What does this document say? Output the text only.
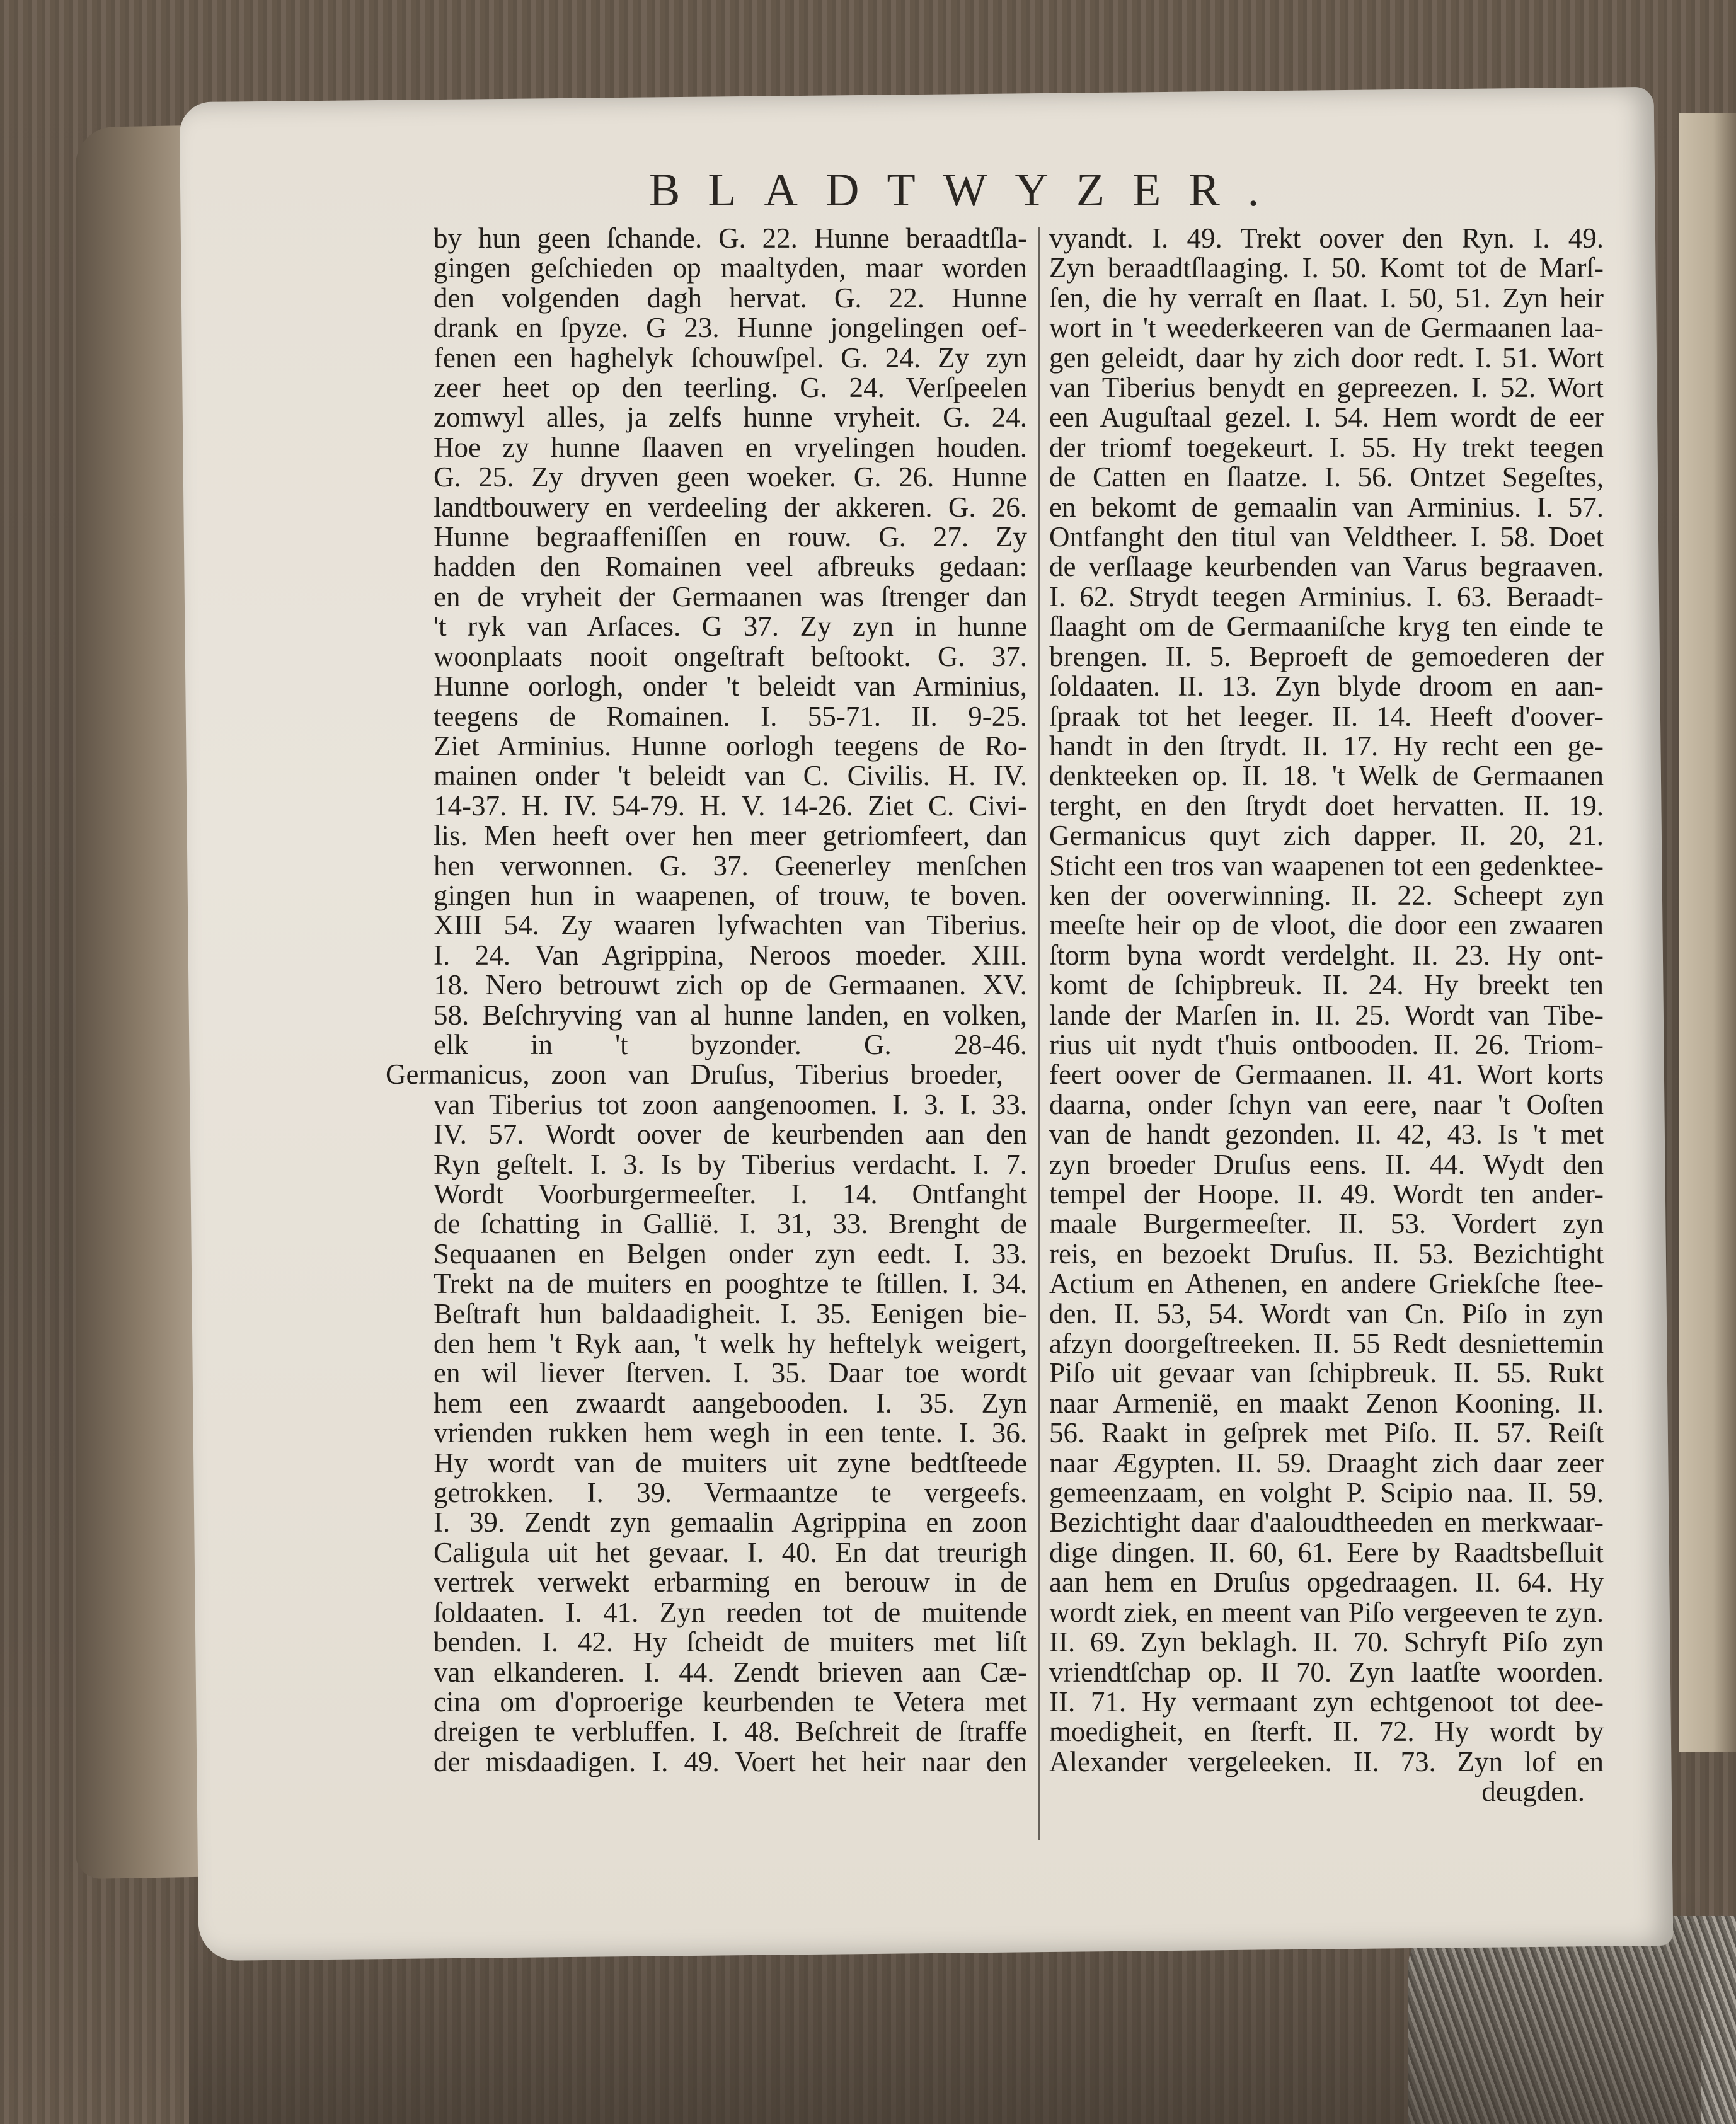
BLADTWYZER.
by hun geen ſchande. G. 22. Hunne beraadtſla-
gingen geſchieden op maaltyden, maar worden
den volgenden dagh hervat. G. 22. Hunne
drank en ſpyze. G 23. Hunne jongelingen oef-
fenen een haghelyk ſchouwſpel. G. 24. Zy zyn
zeer heet op den teerling. G. 24. Verſpeelen
zomwyl alles, ja zelfs hunne vryheit. G. 24.
Hoe zy hunne ſlaaven en vryelingen houden.
G. 25. Zy dryven geen woeker. G. 26. Hunne
landtbouwery en verdeeling der akkeren. G. 26.
Hunne begraaffeniſſen en rouw. G. 27. Zy
hadden den Romainen veel afbreuks gedaan:
en de vryheit der Germaanen was ſtrenger dan
't ryk van Arſaces. G 37. Zy zyn in hunne
woonplaats nooit ongeſtraft beſtookt. G. 37.
Hunne oorlogh, onder 't beleidt van Arminius,
teegens de Romainen. I. 55-71. II. 9-25.
Ziet Arminius. Hunne oorlogh teegens de Ro-
mainen onder 't beleidt van C. Civilis. H. IV.
14-37. H. IV. 54-79. H. V. 14-26. Ziet C. Civi-
lis. Men heeft over hen meer getriomfeert, dan
hen verwonnen. G. 37. Geenerley menſchen
gingen hun in waapenen, of trouw, te boven.
XIII 54. Zy waaren lyfwachten van Tiberius.
I. 24. Van Agrippina, Neroos moeder. XIII.
18. Nero betrouwt zich op de Germaanen. XV.
58. Beſchryving van al hunne landen, en volken,
elk in 't byzonder. G. 28-46.
Germanicus, zoon van Druſus, Tiberius broeder,
van Tiberius tot zoon aangenoomen. I. 3. I. 33.
IV. 57. Wordt oover de keurbenden aan den
Ryn geſtelt. I. 3. Is by Tiberius verdacht. I. 7.
Wordt Voorburgermeeſter. I. 14. Ontfanght
de ſchatting in Gallië. I. 31, 33. Brenght de
Sequaanen en Belgen onder zyn eedt. I. 33.
Trekt na de muiters en pooghtze te ſtillen. I. 34.
Beſtraft hun baldaadigheit. I. 35. Eenigen bie-
den hem 't Ryk aan, 't welk hy heftelyk weigert,
en wil liever ſterven. I. 35. Daar toe wordt
hem een zwaardt aangebooden. I. 35. Zyn
vrienden rukken hem wegh in een tente. I. 36.
Hy wordt van de muiters uit zyne bedtſteede
getrokken. I. 39. Vermaantze te vergeefs.
I. 39. Zendt zyn gemaalin Agrippina en zoon
Caligula uit het gevaar. I. 40. En dat treurigh
vertrek verwekt erbarming en berouw in de
ſoldaaten. I. 41. Zyn reeden tot de muitende
benden. I. 42. Hy ſcheidt de muiters met liſt
van elkanderen. I. 44. Zendt brieven aan Cæ-
cina om d'oproerige keurbenden te Vetera met
dreigen te verbluffen. I. 48. Beſchreit de ſtraffe
der misdaadigen. I. 49. Voert het heir naar den
vyandt. I. 49. Trekt oover den Ryn. I. 49.
Zyn beraadtſlaaging. I. 50. Komt tot de Marſ-
ſen, die hy verraſt en ſlaat. I. 50, 51. Zyn heir
wort in 't weederkeeren van de Germaanen laa-
gen geleidt, daar hy zich door redt. I. 51. Wort
van Tiberius benydt en gepreezen. I. 52. Wort
een Auguſtaal gezel. I. 54. Hem wordt de eer
der triomf toegekeurt. I. 55. Hy trekt teegen
de Catten en ſlaatze. I. 56. Ontzet Segeſtes,
en bekomt de gemaalin van Arminius. I. 57.
Ontfanght den titul van Veldtheer. I. 58. Doet
de verſlaage keurbenden van Varus begraaven.
I. 62. Strydt teegen Arminius. I. 63. Beraadt-
ſlaaght om de Germaaniſche kryg ten einde te
brengen. II. 5. Beproeft de gemoederen der
ſoldaaten. II. 13. Zyn blyde droom en aan-
ſpraak tot het leeger. II. 14. Heeft d'oover-
handt in den ſtrydt. II. 17. Hy recht een ge-
denkteeken op. II. 18. 't Welk de Germaanen
terght, en den ſtrydt doet hervatten. II. 19.
Germanicus quyt zich dapper. II. 20, 21.
Sticht een tros van waapenen tot een gedenktee-
ken der ooverwinning. II. 22. Scheept zyn
meeſte heir op de vloot, die door een zwaaren
ſtorm byna wordt verdelght. II. 23. Hy ont-
komt de ſchipbreuk. II. 24. Hy breekt ten
lande der Marſen in. II. 25. Wordt van Tibe-
rius uit nydt t'huis ontbooden. II. 26. Triom-
feert oover de Germaanen. II. 41. Wort korts
daarna, onder ſchyn van eere, naar 't Ooſten
van de handt gezonden. II. 42, 43. Is 't met
zyn broeder Druſus eens. II. 44. Wydt den
tempel der Hoope. II. 49. Wordt ten ander-
maale Burgermeeſter. II. 53. Vordert zyn
reis, en bezoekt Druſus. II. 53. Bezichtight
Actium en Athenen, en andere Griekſche ſtee-
den. II. 53, 54. Wordt van Cn. Piſo in zyn
afzyn doorgeſtreeken. II. 55 Redt desniettemin
Piſo uit gevaar van ſchipbreuk. II. 55. Rukt
naar Armenië, en maakt Zenon Kooning. II.
56. Raakt in geſprek met Piſo. II. 57. Reiſt
naar Ægypten. II. 59. Draaght zich daar zeer
gemeenzaam, en volght P. Scipio naa. II. 59.
Bezichtight daar d'aaloudtheeden en merkwaar-
dige dingen. II. 60, 61. Eere by Raadtsbeſluit
aan hem en Druſus opgedraagen. II. 64. Hy
wordt ziek, en meent van Piſo vergeeven te zyn.
II. 69. Zyn beklagh. II. 70. Schryft Piſo zyn
vriendtſchap op. II 70. Zyn laatſte woorden.
II. 71. Hy vermaant zyn echtgenoot tot dee-
moedigheit, en ſterft. II. 72. Hy wordt by
Alexander vergeleeken. II. 73. Zyn lof en
deugden.
